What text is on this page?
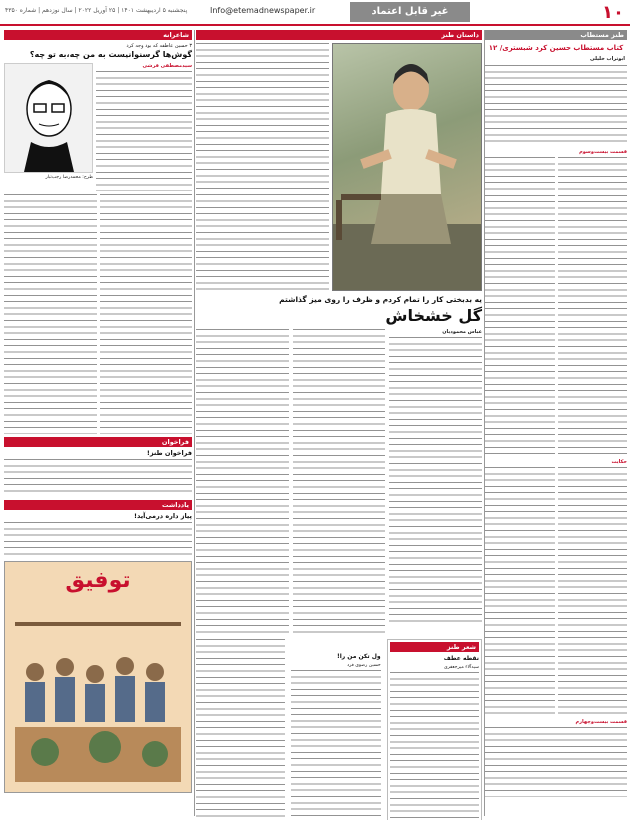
۱۰
غیر قابل اعتماد
Info@etemadnewspaper.ir
پنجشنبه ۵ اردیبهشت ۱۴۰۱ | ۲۵ آوریل ۲۰۲۲ | سال نوزدهم | شماره ۴۳۵۰
طنز مستطاب
کتاب مستطاب حسین کرد شبستری/ ۱۲
ابوتراب خلیلی
قسمت بیست‌وسوم
حکایت
قسمت بیست‌وچهارم
داستان طنز
یه بدبختی کار را تمام کردم و ظرف را روی میز گذاشتم
گل خشخاش
عباس محمودیان
شعر طنز
نقطه عطف
سیدآلاء میرجعفری
ول‌ تکن من را!
حسین رضوی فرد
شاعرانه
۳ حسین عاطفه که بود وجه کرد
گوش‌ها گرسنوانیست به من چه،به تو چه؟
سیدمصطفی قرشی
طرح: محمدرضا رجب‌تبار
فراخوان
فراخوان طنز!
یادداشت
پیاز داره درمی‌آید!
توفیق
